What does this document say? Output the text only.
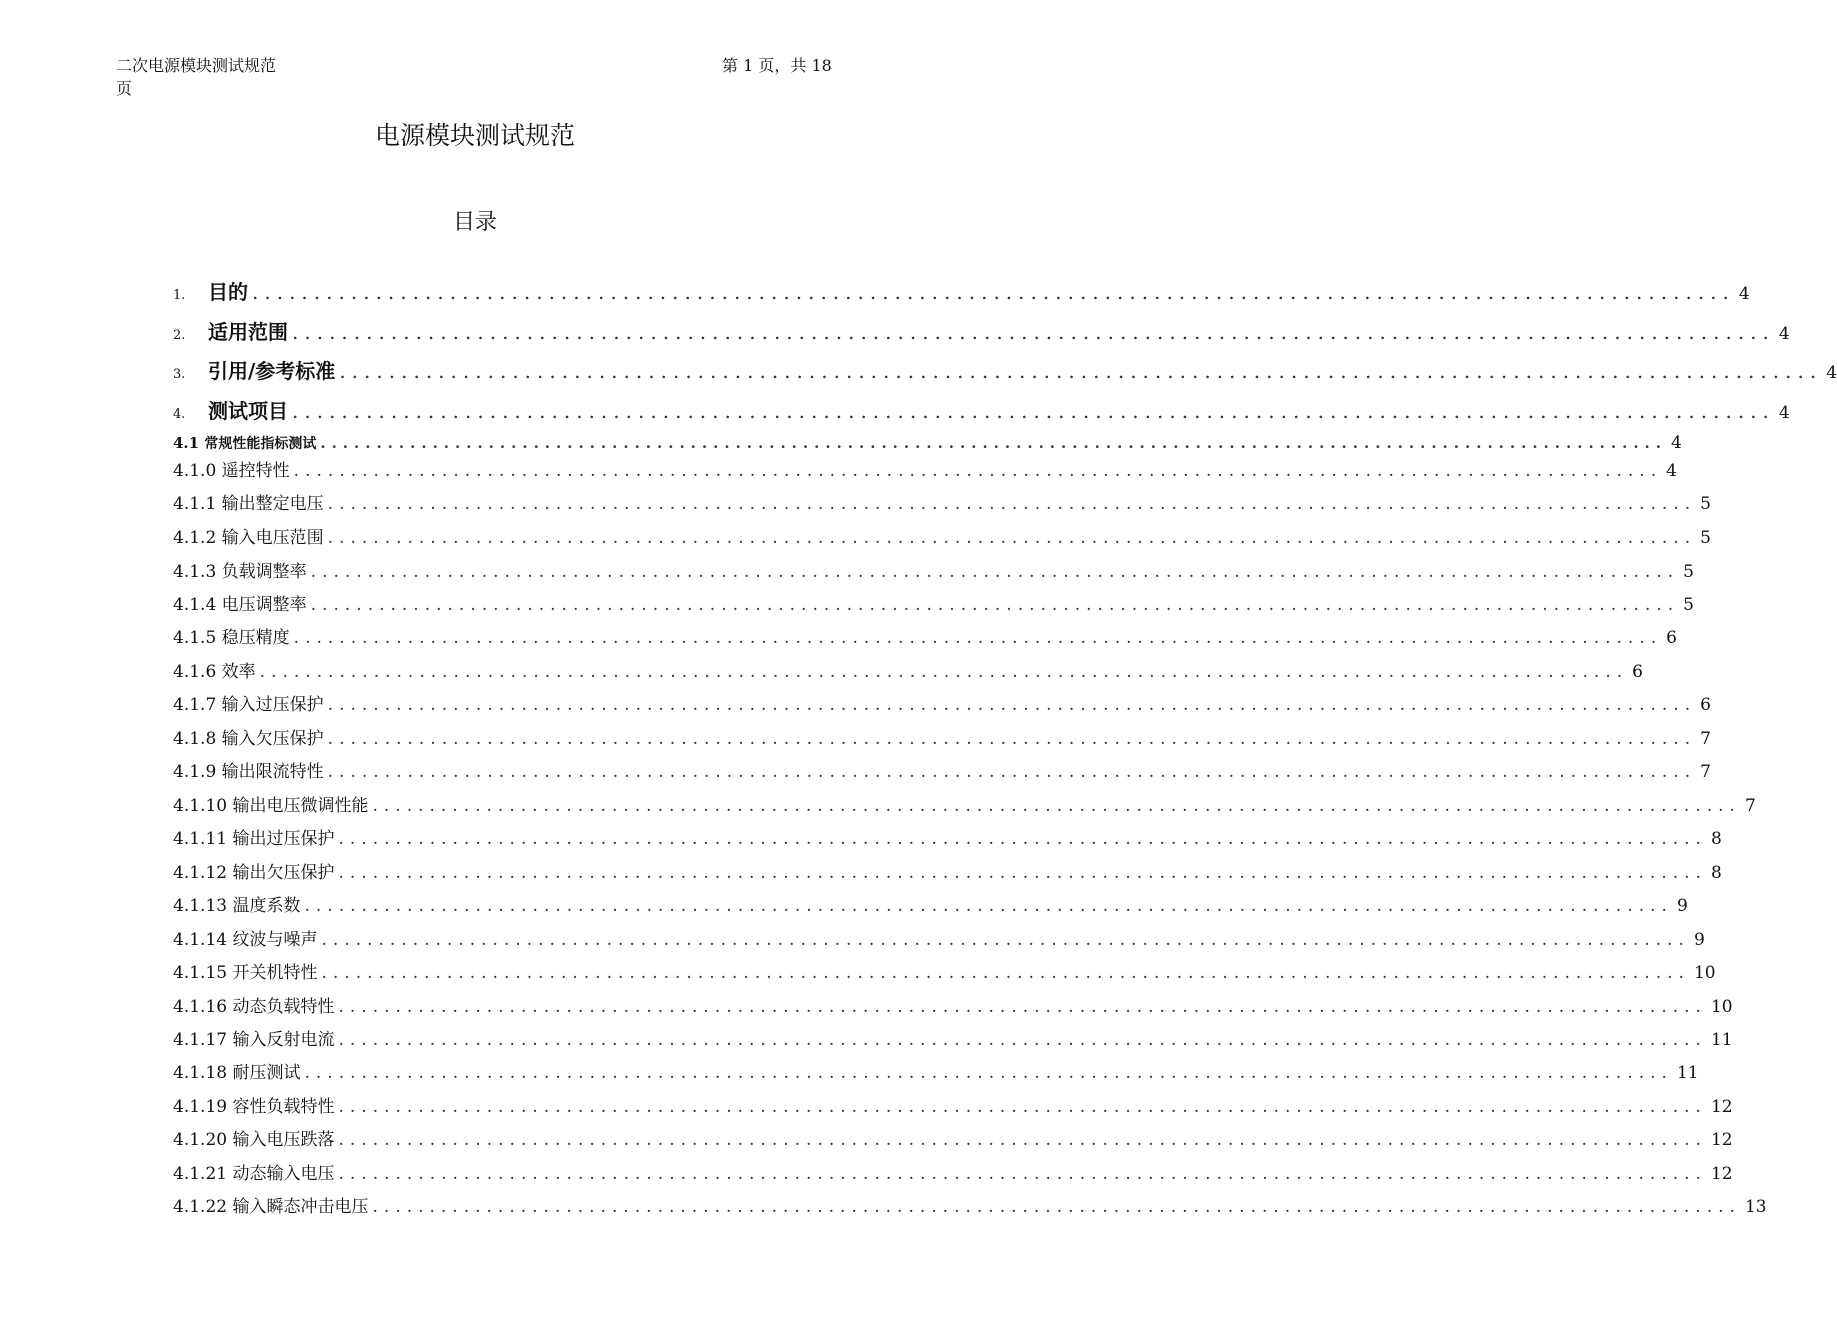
二次电源模块测试规范
页
第 1 页，共 18
电源模块测试规范
目录
1. 目的 ........................................................................................................................ 4
2. 适用范围 ........................................................................................................................ 4
3. 引用/参考标准 ........................................................................................................................ 4
4. 测试项目 ........................................................................................................................ 4
4.1 常规性能指标测试 ........................................................................................................................ 4
4.1.0 遥控特性 ........................................................................................................................ 4
4.1.1 输出整定电压 ........................................................................................................................ 5
4.1.2 输入电压范围 ........................................................................................................................ 5
4.1.3 负载调整率 ........................................................................................................................ 5
4.1.4 电压调整率 ........................................................................................................................ 5
4.1.5 稳压精度 ........................................................................................................................ 6
4.1.6 效率 ........................................................................................................................ 6
4.1.7 输入过压保护 ........................................................................................................................ 6
4.1.8 输入欠压保护 ........................................................................................................................ 7
4.1.9 输出限流特性 ........................................................................................................................ 7
4.1.10 输出电压微调性能 ........................................................................................................................ 7
4.1.11 输出过压保护 ........................................................................................................................ 8
4.1.12 输出欠压保护 ........................................................................................................................ 8
4.1.13 温度系数 ........................................................................................................................ 9
4.1.14 纹波与噪声 ........................................................................................................................ 9
4.1.15 开关机特性 ........................................................................................................................ 10
4.1.16 动态负载特性 ........................................................................................................................ 10
4.1.17 输入反射电流 ........................................................................................................................ 11
4.1.18 耐压测试 ........................................................................................................................ 11
4.1.19 容性负载特性 ........................................................................................................................ 12
4.1.20 输入电压跌落 ........................................................................................................................ 12
4.1.21 动态输入电压 ........................................................................................................................ 12
4.1.22 输入瞬态冲击电压 ........................................................................................................................ 13
